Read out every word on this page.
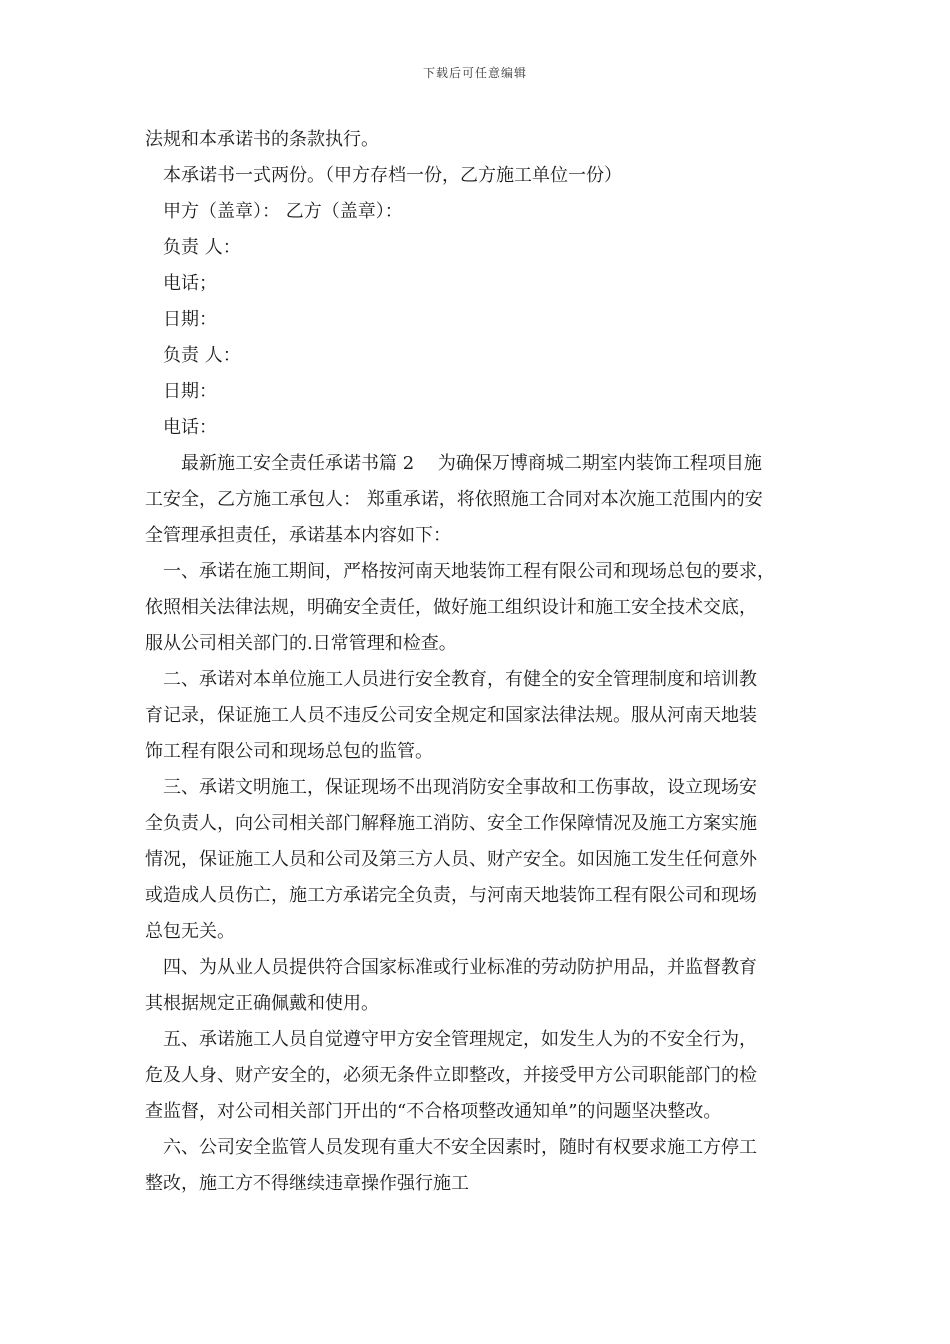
下载后可任意编辑

法规和本承诺书的条款执行。

本承诺书一式两份。（甲方存档一份，乙方施工单位一份）

甲方（盖章）： 乙方（盖章）：

负责 人：

电话；

日期：

负责 人：

日期：

电话：

最新施工安全责任承诺书篇 2　 为确保万博商城二期室内装饰工程项目施

工安全，乙方施工承包人： 郑重承诺，将依照施工合同对本次施工范围内的安

全管理承担责任，承诺基本内容如下：

一、承诺在施工期间，严格按河南天地装饰工程有限公司和现场总包的要求，

依照相关法律法规，明确安全责任，做好施工组织设计和施工安全技术交底，

服从公司相关部门的.日常管理和检查。

二、承诺对本单位施工人员进行安全教育，有健全的安全管理制度和培训教

育记录，保证施工人员不违反公司安全规定和国家法律法规。服从河南天地装

饰工程有限公司和现场总包的监管。

三、承诺文明施工，保证现场不出现消防安全事故和工伤事故，设立现场安

全负责人，向公司相关部门解释施工消防、安全工作保障情况及施工方案实施

情况，保证施工人员和公司及第三方人员、财产安全。如因施工发生任何意外

或造成人员伤亡，施工方承诺完全负责，与河南天地装饰工程有限公司和现场

总包无关。

四、为从业人员提供符合国家标准或行业标准的劳动防护用品，并监督教育

其根据规定正确佩戴和使用。

五、承诺施工人员自觉遵守甲方安全管理规定，如发生人为的不安全行为，

危及人身、财产安全的，必须无条件立即整改，并接受甲方公司职能部门的检

查监督，对公司相关部门开出的“不合格项整改通知单”的问题坚决整改。

六、公司安全监管人员发现有重大不安全因素时，随时有权要求施工方停工

整改，施工方不得继续违章操作强行施工
